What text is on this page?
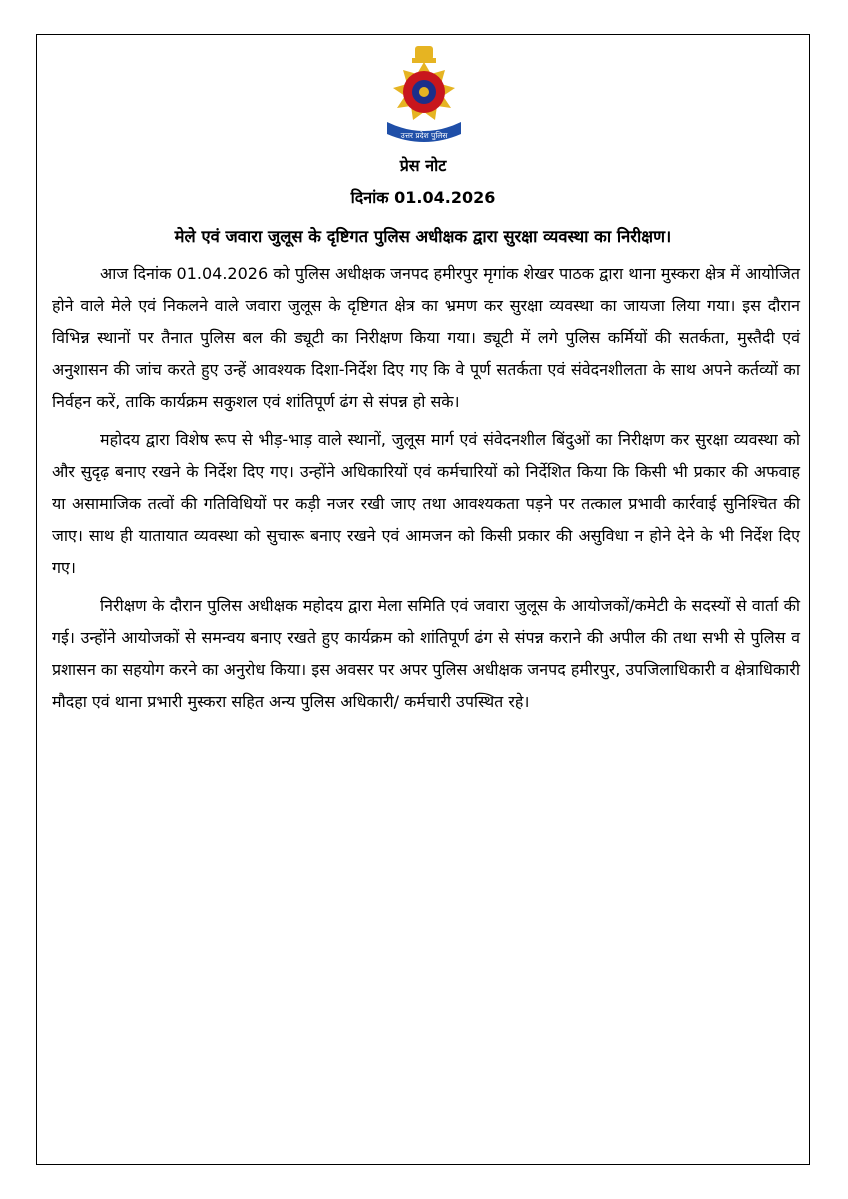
उत्तर प्रदेश पुलिस
प्रेस नोट
दिनांक 01.04.2026
मेले एवं जवारा जुलूस के दृष्टिगत पुलिस अधीक्षक द्वारा सुरक्षा व्यवस्था का निरीक्षण।

आज दिनांक 01.04.2026 को पुलिस अधीक्षक जनपद हमीरपुर मृगांक शेखर पाठक द्वारा थाना मुस्करा क्षेत्र में आयोजित होने वाले मेले एवं निकलने वाले जवारा जुलूस के दृष्टिगत क्षेत्र का भ्रमण कर सुरक्षा व्यवस्था का जायजा लिया गया। इस दौरान विभिन्न स्थानों पर तैनात पुलिस बल की ड्यूटी का निरीक्षण किया गया। ड्यूटी में लगे पुलिस कर्मियों की सतर्कता, मुस्तैदी एवं अनुशासन की जांच करते हुए उन्हें आवश्यक दिशा-निर्देश दिए गए कि वे पूर्ण सतर्कता एवं संवेदनशीलता के साथ अपने कर्तव्यों का निर्वहन करें, ताकि कार्यक्रम सकुशल एवं शांतिपूर्ण ढंग से संपन्न हो सके।

महोदय द्वारा विशेष रूप से भीड़-भाड़ वाले स्थानों, जुलूस मार्ग एवं संवेदनशील बिंदुओं का निरीक्षण कर सुरक्षा व्यवस्था को और सुदृढ़ बनाए रखने के निर्देश दिए गए। उन्होंने अधिकारियों एवं कर्मचारियों को निर्देशित किया कि किसी भी प्रकार की अफवाह या असामाजिक तत्वों की गतिविधियों पर कड़ी नजर रखी जाए तथा आवश्यकता पड़ने पर तत्काल प्रभावी कार्रवाई सुनिश्चित की जाए। साथ ही यातायात व्यवस्था को सुचारू बनाए रखने एवं आमजन को किसी प्रकार की असुविधा न होने देने के भी निर्देश दिए गए।

निरीक्षण के दौरान पुलिस अधीक्षक महोदय द्वारा मेला समिति एवं जवारा जुलूस के आयोजकों/कमेटी के सदस्यों से वार्ता की गई। उन्होंने आयोजकों से समन्वय बनाए रखते हुए कार्यक्रम को शांतिपूर्ण ढंग से संपन्न कराने की अपील की तथा सभी से पुलिस व प्रशासन का सहयोग करने का अनुरोध किया। इस अवसर पर अपर पुलिस अधीक्षक जनपद हमीरपुर, उपजिलाधिकारी व क्षेत्राधिकारी मौदहा एवं थाना प्रभारी मुस्करा सहित अन्य पुलिस अधिकारी/ कर्मचारी उपस्थित रहे।
